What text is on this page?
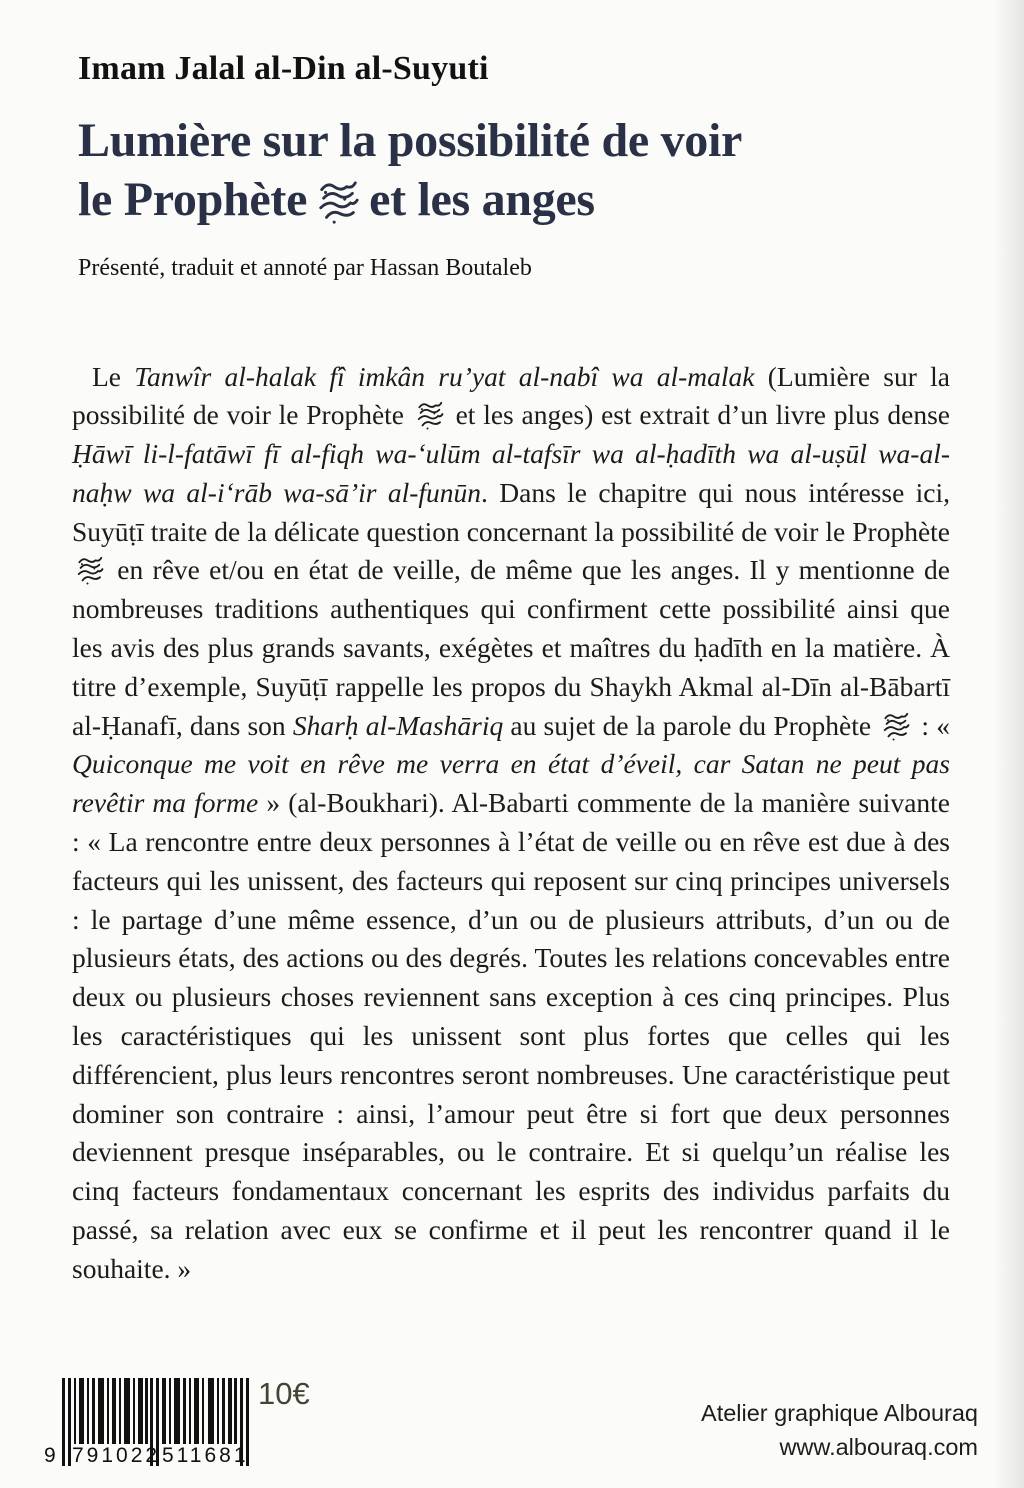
Imam Jalal al-Din al-Suyuti
Lumière sur la possibilité de voir
le Prophète et les anges

Présenté, traduit et annoté par Hassan Boutaleb

Le Tanwîr al-halak fî imkân ru’yat al-nabî wa al-malak (Lumière sur la possibilité de voir le Prophète  et les anges) est extrait d’un livre plus dense Ḥāwī li-l-fatāwī fī al-fiqh wa-‘ulūm al-tafsīr wa al-ḥadīth wa al-uṣūl wa-al-naḥw wa al-i‘rāb wa-sā’ir al-funūn. Dans le chapitre qui nous intéresse ici, Suyūṭī traite de la délicate question concernant la possibilité de voir le Prophète  en rêve et/ou en état de veille, de même que les anges. Il y mentionne de nombreuses traditions authentiques qui confirment cette possibilité ainsi que les avis des plus grands savants, exégètes et maîtres du ḥadīth en la matière. À titre d’exemple, Suyūṭī rappelle les propos du Shaykh Akmal al-Dīn al-Bābartī al-Ḥanafī, dans son Sharḥ al-Mashāriq au sujet de la parole du Prophète  : « Quiconque me voit en rêve me verra en état d’éveil, car Satan ne peut pas revêtir ma forme » (al-Boukhari). Al-Babarti commente de la manière suivante : « La rencontre entre deux personnes à l’état de veille ou en rêve est due à des facteurs qui les unissent, des facteurs qui reposent sur cinq principes universels : le partage d’une même essence, d’un ou de plusieurs attributs, d’un ou de plusieurs états, des actions ou des degrés. Toutes les relations concevables entre deux ou plusieurs choses reviennent sans exception à ces cinq principes. Plus les caractéristiques qui les unissent sont plus fortes que celles qui les différencient, plus leurs rencontres seront nombreuses. Une caractéristique peut dominer son contraire : ainsi, l’amour peut être si fort que deux personnes deviennent presque inséparables, ou le contraire. Et si quelqu’un réalise les cinq facteurs fondamentaux concernant les esprits des individus parfaits du passé, sa relation avec eux se confirme et il peut les rencontrer quand il le souhaite. »

9 791022 511681
10€
Atelier graphique Albouraq
www.albouraq.com
